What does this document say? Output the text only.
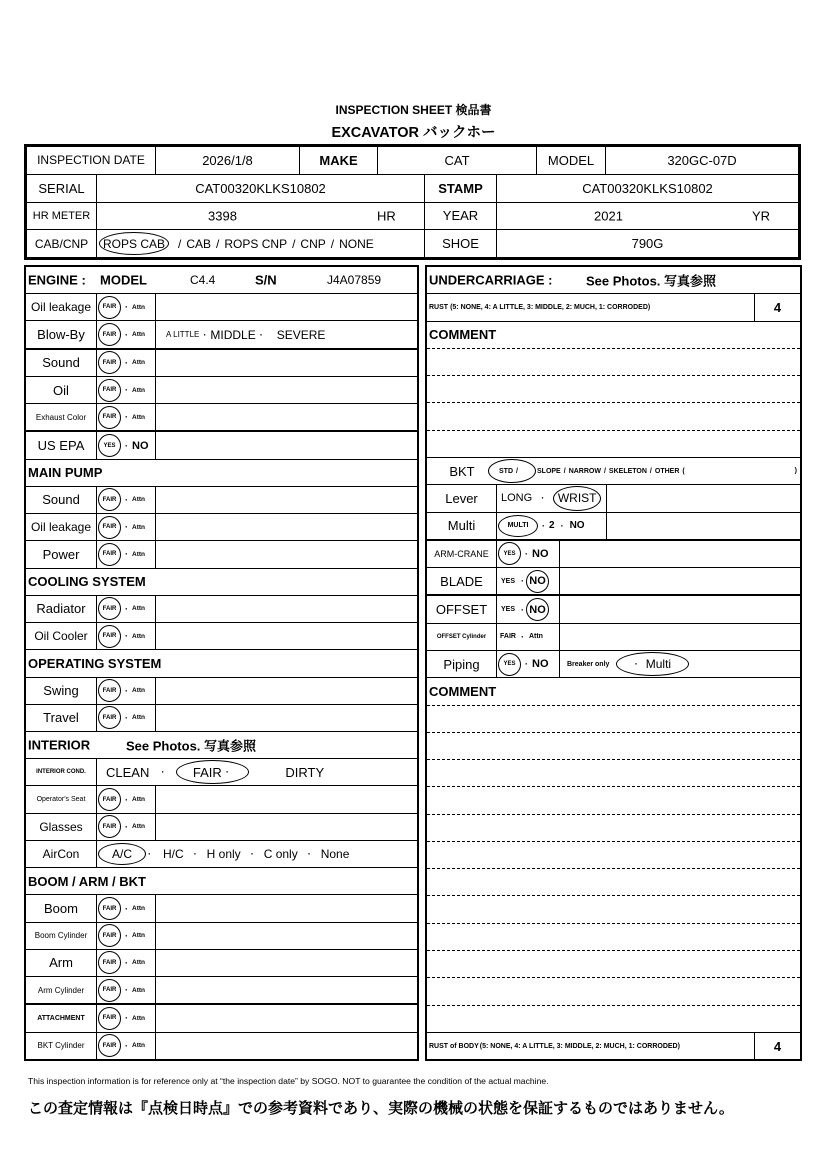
INSPECTION SHEET 検品書
EXCAVATOR バックホー
INSPECTION DATE	2026/1/8	MAKE	CAT	MODEL	320GC-07D
SERIAL	CAT00320KLKS10802	STAMP	CAT00320KLKS10802
HR METER	3398	HR	YEAR	2021	YR
CAB/CNP	ROPS CAB	/ CAB / ROPS CNP / CNP / NONE	SHOE	790G
ENGINE : MODEL	C4.4	S/N	J4A07859
Oil leakage	FAIR · Attn
Blow-By	FAIR · Attn	A LITTLE · MIDDLE · SEVERE
Sound	FAIR · Attn
Oil	FAIR · Attn
Exhaust Color	FAIR · Attn
US EPA	YES	· NO
MAIN PUMP
Sound	FAIR · Attn
Oil leakage	FAIR · Attn
Power	FAIR · Attn
COOLING SYSTEM
Radiator	FAIR · Attn
Oil Cooler	FAIR · Attn
OPERATING SYSTEM
Swing	FAIR · Attn
Travel	FAIR · Attn
INTERIOR	See Photos. 写真参照
INTERIOR COND.	CLEAN · FAIR ·	DIRTY
Operator's Seat	FAIR · Attn
Glasses	FAIR · Attn
AirCon	A/C	· H/C · H only · C only · None
BOOM / ARM / BKT
Boom	FAIR · Attn
Boom Cylinder	FAIR · Attn
Arm	FAIR · Attn
Arm Cylinder	FAIR · Attn
ATTACHMENT	FAIR · Attn
BKT Cylinder	FAIR · Attn
UNDERCARRIAGE :	See Photos. 写真参照
RUST (5: NONE, 4: A LITTLE, 3: MIDDLE, 2: MUCH, 1: CORRODED)	4
COMMENT
BKT	STD /	SLOPE / NARROW / SKELETON / OTHER (	)
Lever	LONG ·	WRIST
Multi	MULTI	· 2 · NO
ARM-CRANE	YES	· NO
BLADE	YES · NO
OFFSET	YES · NO
OFFSET Cylinder	FAIR · Attn
Piping	YES	· NO	Breaker only	· Multi
COMMENT
RUST of BODY (5: NONE, 4: A LITTLE, 3: MIDDLE, 2: MUCH, 1: CORRODED)	4
This inspection information is for reference only at “the inspection date” by SOGO. NOT to guarantee the condition of the actual machine.
この査定情報は『点検日時点』での参考資料であり、実際の機械の状態を保証するものではありません。
